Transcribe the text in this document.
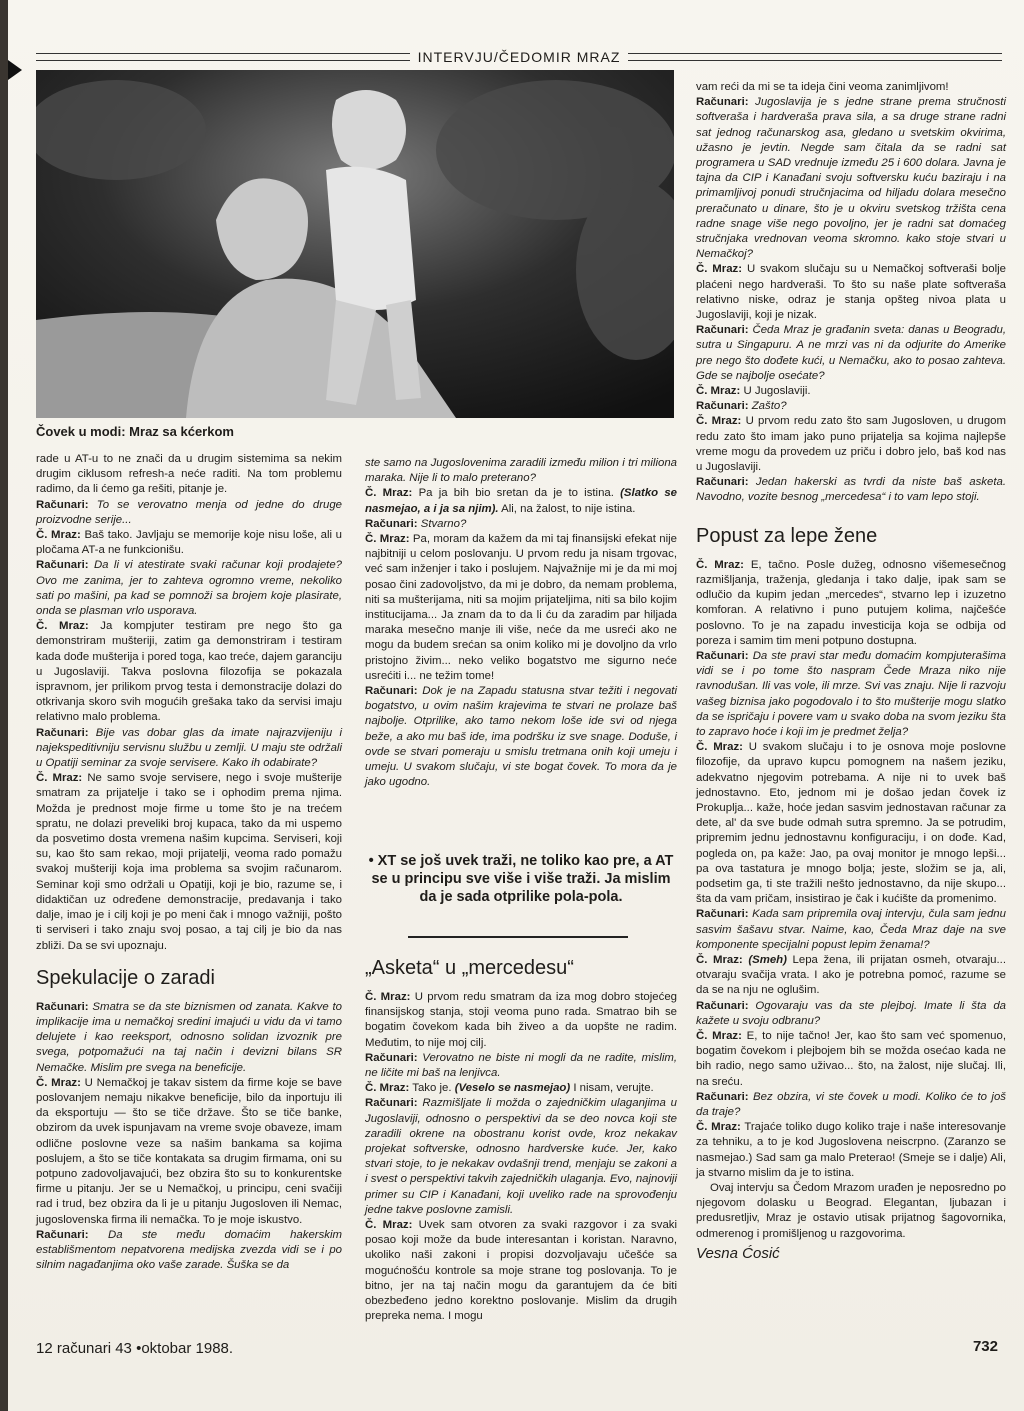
INTERVJU/ČEDOMIR MRAZ
Čovek u modi: Mraz sa kćerkom

rade u AT-u to ne znači da u drugim sistemima sa nekim drugim ciklusom refresh-a neće raditi. Na tom problemu radimo, da li ćemo ga rešiti, pitanje je.

Računari: To se verovatno menja od jedne do druge proizvodne serije...

Č. Mraz: Baš tako. Javljaju se memorije koje nisu loše, ali u pločama AT-a ne funkcionišu.

Računari: Da li vi atestirate svaki računar koji prodajete? Ovo me zanima, jer to zahteva ogromno vreme, nekoliko sati po mašini, pa kad se pomnoži sa brojem koje plasirate, onda se plasman vrlo usporava.

Č. Mraz: Ja kompjuter testiram pre nego što ga demonstriram mušteriji, zatim ga demonstriram i testiram kada dođe mušterija i pored toga, kao treće, dajem garanciju u Jugoslaviji. Takva poslovna filozofija se pokazala ispravnom, jer prilikom prvog testa i demonstracije dolazi do otkrivanja skoro svih mogućih grešaka tako da servisi imaju relativno malo problema.

Računari: Bije vas dobar glas da imate najrazvijeniju i najekspeditivniju servisnu službu u zemlji. U maju ste održali u Opatiji seminar za svoje servisere. Kako ih odabirate?

Č. Mraz: Ne samo svoje servisere, nego i svoje mušterije smatram za prijatelje i tako se i ophodim prema njima. Možda je prednost moje firme u tome što je na trećem spratu, ne dolazi preveliki broj kupaca, tako da mi uspemo da posvetimo dosta vremena našim kupcima. Serviseri, koji su, kao što sam rekao, moji prijatelji, veoma rado pomažu svakoj mušteriji koja ima problema sa svojim računarom. Seminar koji smo održali u Opatiji, koji je bio, razume se, i didaktičan uz određene demonstracije, predavanja i tako dalje, imao je i cilj koji je po meni čak i mnogo važniji, pošto ti serviseri i tako znaju svoj posao, a taj cilj je bio da nas zbliži. Da se svi upoznaju.

Spekulacije o zaradi

Računari: Smatra se da ste biznismen od zanata. Kakve to implikacije ima u nemačkoj sredini imajući u vidu da vi tamo delujete i kao reeksport, odnosno solidan izvoznik pre svega, potpomažući na taj način i devizni bilans SR Nemačke. Mislim pre svega na beneficije.

Č. Mraz: U Nemačkoj je takav sistem da firme koje se bave poslovanjem nemaju nikakve beneficije, bilo da inportuju ili da eksportuju — što se tiče države. Što se tiče banke, obzirom da uvek ispunjavam na vreme svoje obaveze, imam odlične poslovne veze sa našim bankama sa kojima poslujem, a što se tiče kontakata sa drugim firmama, oni su potpuno zadovoljavajući, bez obzira što su to konkurentske firme u pitanju. Jer se u Nemačkoj, u principu, ceni svačiji rad i trud, bez obzira da li je u pitanju Jugosloven ili Nemac, jugoslovenska firma ili nemačka. To je moje iskustvo.

Računari: Da ste među domaćim hakerskim establišmentom nepatvorena medijska zvezda vidi se i po silnim nagađanjima oko vaše zarade. Šuška se da

ste samo na Jugoslovenima zaradili između milion i tri miliona maraka. Nije li to malo preterano?

Č. Mraz: Pa ja bih bio sretan da je to istina. (Slatko se nasmejao, a i ja sa njim). Ali, na žalost, to nije istina.

Računari: Stvarno?

Č. Mraz: Pa, moram da kažem da mi taj finansijski efekat nije najbitniji u celom poslovanju. U prvom redu ja nisam trgovac, već sam inženjer i tako i poslujem. Najvažnije mi je da mi moj posao čini zadovoljstvo, da mi je dobro, da nemam problema, niti sa mušterijama, niti sa mojim prijateljima, niti sa bilo kojim institucijama... Ja znam da to da li ću da zaradim par hiljada maraka mesečno manje ili više, neće da me usreći ako ne mogu da budem srećan sa onim koliko mi je dovoljno da vrlo pristojno živim... neko veliko bogatstvo me sigurno neće usrećiti i... ne težim tome!

Računari: Dok je na Zapadu statusna stvar težiti i negovati bogatstvo, u ovim našim krajevima te stvari ne prolaze baš najbolje. Otprilike, ako tamo nekom loše ide svi od njega beže, a ako mu baš ide, ima podršku iz sve snage. Doduše, i ovde se stvari pomeraju u smislu tretmana onih koji umeju i umeju. U svakom slučaju, vi ste bogat čovek. To mora da je jako ugodno.

• XT se još uvek traži, ne toliko kao pre, a AT se u principu sve više i više traži. Ja mislim da je sada otprilike pola-pola.
„Asketa“ u „mercedesu“

Č. Mraz: U prvom redu smatram da iza mog dobro stojećeg finansijskog stanja, stoji veoma puno rada. Smatrao bih se bogatim čovekom kada bih živeo a da uopšte ne radim. Međutim, to nije moj cilj.

Računari: Verovatno ne biste ni mogli da ne radite, mislim, ne ličite mi baš na lenjivca.

Č. Mraz: Tako je. (Veselo se nasmejao) I nisam, verujte.

Računari: Razmišljate li možda o zajedničkim ulaganjima u Jugoslaviji, odnosno o perspektivi da se deo novca koji ste zaradili okrene na obostranu korist ovde, kroz nekakav projekat softverske, odnosno hardverske kuće. Jer, kako stvari stoje, to je nekakav ovdašnji trend, menjaju se zakoni a i svest o perspektivi takvih zajedničkih ulaganja. Evo, najnoviji primer su CIP i Kanađani, koji uveliko rade na sprovođenju jedne takve poslovne zamisli.

Č. Mraz: Uvek sam otvoren za svaki razgovor i za svaki posao koji može da bude interesantan i koristan. Naravno, ukoliko naši zakoni i propisi dozvoljavaju učešće sa mogućnošću kontrole sa moje strane tog poslovanja. To je bitno, jer na taj način mogu da garantujem da će biti obezbeđeno jedno korektno poslovanje. Mislim da drugih prepreka nema. I mogu

vam reći da mi se ta ideja čini veoma zanimljivom!

Računari: Jugoslavija je s jedne strane prema stručnosti softveraša i hardveraša prava sila, a sa druge strane radni sat jednog računarskog asa, gledano u svetskim okvirima, užasno je jevtin. Negde sam čitala da se radni sat programera u SAD vrednuje između 25 i 600 dolara. Javna je tajna da CIP i Kanađani svoju softversku kuću baziraju i na primamljivoj ponudi stručnjacima od hiljadu dolara mesečno preračunato u dinare, što je u okviru svetskog tržišta cena radne snage više nego povoljno, jer je radni sat domaćeg stručnjaka vrednovan veoma skromno. kako stoje stvari u Nemačkoj?

Č. Mraz: U svakom slučaju su u Nemačkoj softveraši bolje plaćeni nego hardveraši. To što su naše plate softveraša relativno niske, odraz je stanja opšteg nivoa plata u Jugoslaviji, koji je nizak.

Računari: Čeda Mraz je građanin sveta: danas u Beogradu, sutra u Singapuru. A ne mrzi vas ni da odjurite do Amerike pre nego što dođete kući, u Nemačku, ako to posao zahteva. Gde se najbolje osećate?

Č. Mraz: U Jugoslaviji.

Računari: Zašto?

Č. Mraz: U prvom redu zato što sam Jugosloven, u drugom redu zato što imam jako puno prijatelja sa kojima najlepše vreme mogu da provedem uz priču i dobro jelo, baš kod nas u Jugoslaviji.

Računari: Jedan hakerski as tvrdi da niste baš asketa. Navodno, vozite besnog „mercedesa“ i to vam lepo stoji.

Popust za lepe žene

Č. Mraz: E, tačno. Posle dužeg, odnosno višemesečnog razmišljanja, traženja, gledanja i tako dalje, ipak sam se odlučio da kupim jedan „mercedes“, stvarno lep i izuzetno komforan. A relativno i puno putujem kolima, najčešće poslovno. To je na zapadu investicija koja se odbija od poreza i samim tim meni potpuno dostupna.

Računari: Da ste pravi star među domaćim kompjuterašima vidi se i po tome što naspram Čede Mraza niko nije ravnodušan. Ili vas vole, ili mrze. Svi vas znaju. Nije li razvoju vašeg biznisa jako pogodovalo i to što mušterije mogu slatko da se ispričaju i poverе vam u svako doba na svom jeziku šta to zapravo hoće i koji im je predmet želja?

Č. Mraz: U svakom slučaju i to je osnova moje poslovne filozofije, da upravo kupcu pomognem na našem jeziku, adekvatno njegovim potrebama. A nije ni to uvek baš jednostavno. Eto, jednom mi je došao jedan čovek iz Prokuplja... kaže, hoće jedan sasvim jednostavan računar za dete, al' da sve bude odmah sutra spremno. Ja se potrudim, pripremim jednu jednostavnu konfiguraciju, i on dođe. Kad, pogleda on, pa kaže: Jao, pa ovaj monitor je mnogo lepši... pa ova tastatura je mnogo bolja; jeste, složim se ja, ali, podsetim ga, ti ste tražili nešto jednostavno, da nije skupo... šta da vam pričam, insistirao je čak i kućište da promenimo.

Računari: Kada sam pripremila ovaj intervju, čula sam jednu sasvim šašavu stvar. Naime, kao, Čeda Mraz daje na sve komponente specijalni popust lepim ženama!?

Č. Mraz: (Smeh) Lepa žena, ili prijatan osmeh, otvaraju... otvaraju svačija vrata. I ako je potrebna pomoć, razume se da se na nju ne oglušim.

Računari: Ogovaraju vas da ste plejboj. Imate li šta da kažete u svoju odbranu?

Č. Mraz: E, to nije tačno! Jer, kao što sam već spomenuo, bogatim čovekom i plejbojem bih se možda osećao kada ne bih radio, nego samo uživao... što, na žalost, nije slučaj. Ili, na sreću.

Računari: Bez obzira, vi ste čovek u modi. Koliko će to još da traje?

Č. Mraz: Trajaće toliko dugo koliko traje i naše interesovanje za tehniku, a to je kod Jugoslovena neiscrpno. (Zaranzo se nasmejao.) Sad sam ga malo Preterao! (Smeje se i dalje) Ali, ja stvarno mislim da je to istina.

Ovaj intervju sa Čedom Mrazom urađen je neposredno po njegovom dolasku u Beograd. Elegantan, ljubazan i predusretljiv, Mraz je ostavio utisak prijatnog šagovornika, odmerenog i promišljenog u razgovorima.

Vesna Ćosić
12 računari 43 •oktobar 1988.	732
